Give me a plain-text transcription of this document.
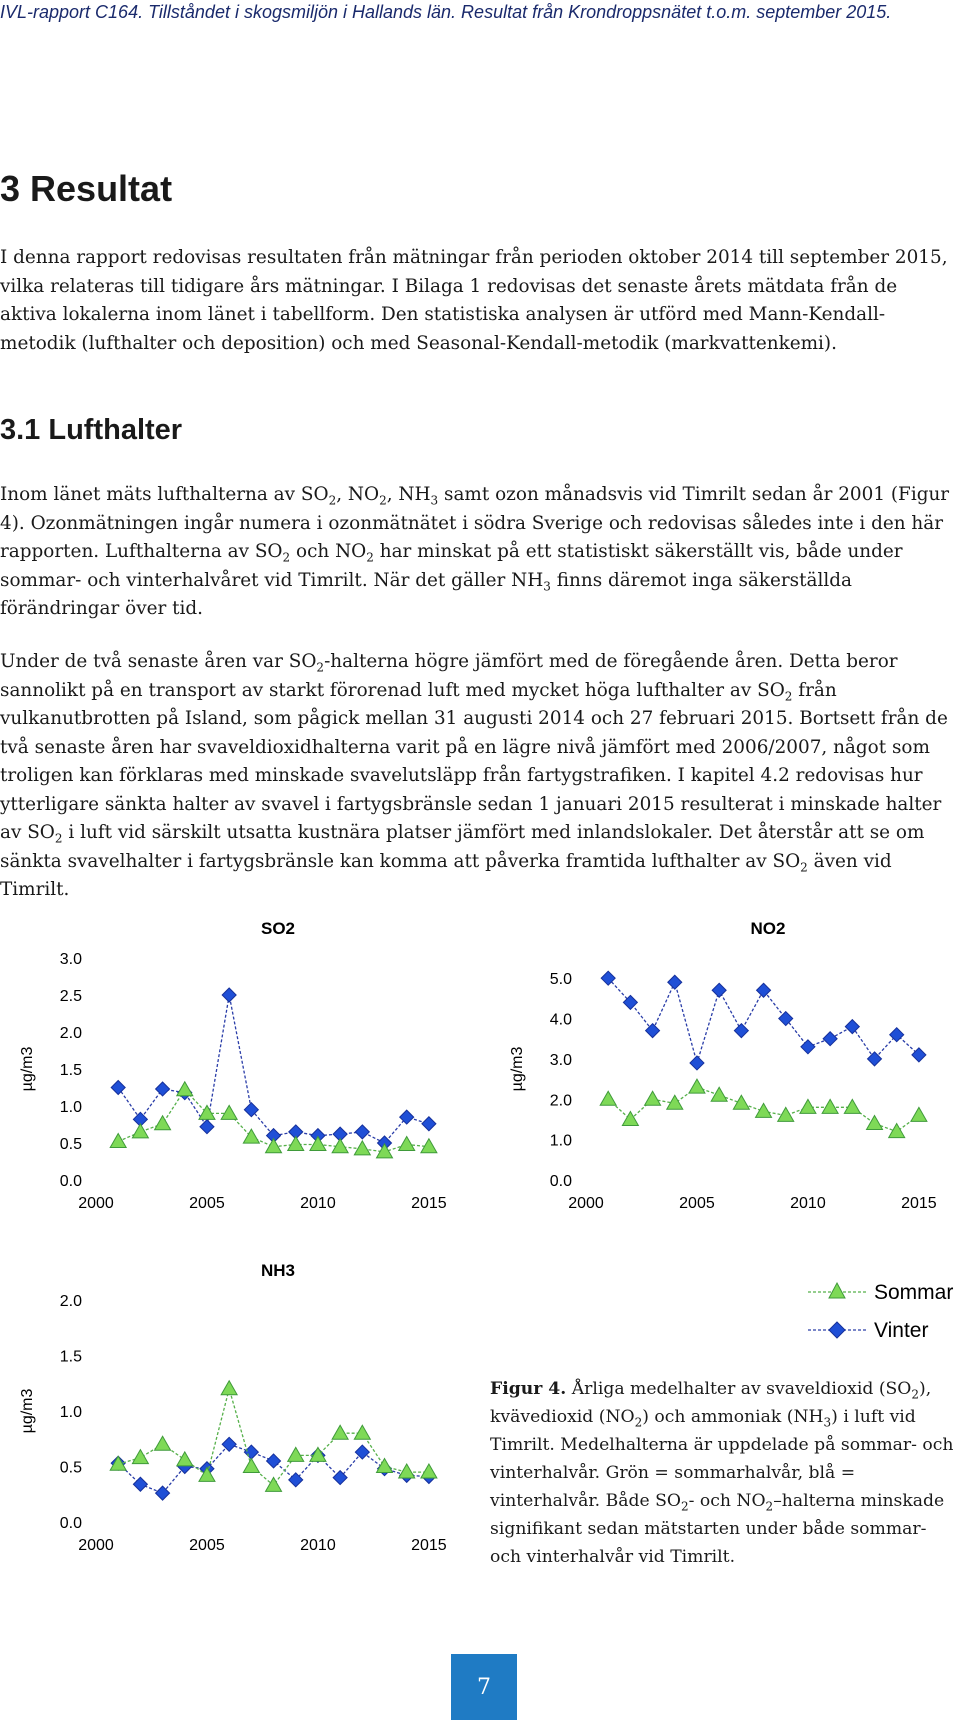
IVL-rapport C164. Tillståndet i skogsmiljön i Hallands län. Resultat från Krondroppsnätet t.o.m. september 2015.
3 Resultat

I denna rapport redovisas resultaten från mätningar från perioden oktober 2014 till september 2015, vilka relateras till tidigare års mätningar. I Bilaga 1 redovisas det senaste årets mätdata från de aktiva lokalerna inom länet i tabellform. Den statistiska analysen är utförd med Mann-Kendall-metodik (lufthalter och deposition) och med Seasonal-Kendall-metodik (markvattenkemi).

3.1 Lufthalter

Inom länet mäts lufthalterna av $SO_2$, $NO_2$, $NH_3$ samt ozon månadsvis vid Timrilt sedan år 2001 (Figur 4). Ozonmätningen ingår numera i ozonmätnätet i södra Sverige och redovisas således inte i den här rapporten. Lufthalterna av $SO_2$ och $NO_2$ har minskat på ett statistiskt säkerställt vis, både under sommar- och vinterhalvåret vid Timrilt. När det gäller $NH_3$ finns däremot inga säkerställda förändringar över tid.

Under de två senaste åren var $SO_2$-halterna högre jämfört med de föregående åren. Detta beror sannolikt på en transport av starkt förorenad luft med mycket höga lufthalter av $SO_2$ från vulkanutbrotten på Island, som pågick mellan 31 augusti 2014 och 27 februari 2015. Bortsett från de två senaste åren har svaveldioxidhalterna varit på en lägre nivå jämfört med 2006/2007, något som troligen kan förklaras med minskade svavelutsläpp från fartygstrafiken. I kapitel 4.2 redovisas hur ytterligare sänkta halter av svavel i fartygsbränsle sedan 1 januari 2015 resulterat i minskade halter av $SO_2$ i luft vid särskilt utsatta kustnära platser jämfört med inlandslokaler. Det återstår att se om sänkta svavelhalter i fartygsbränsle kan komma att påverka framtida lufthalter av $SO_2$ även vid Timrilt.

SO2
µg/m3
0.0
0.5
1.0
1.5
2.0
2.5
3.0
2000	2005	2010	2015
NO2
µg/m3
0.0
1.0
2.0
3.0
4.0
5.0
2000	2005	2010	2015
NH3
µg/m3
0.0
0.5
1.0
1.5
2.0
2000	2005	2010	2015
Sommar
Vinter
Figur 4. Årliga medelhalter av svaveldioxid $(SO_2)$, kvävedioxid $(NO_2)$ och ammoniak $(NH_3)$ i luft vid Timrilt. Medelhalterna är uppdelade på sommar- och vinterhalvår. Grön = sommarhalvår, blå = vinterhalvår. Både $SO_2-$ och $NO_2$–halterna minskade signifikant sedan mätstarten under både sommar- och vinterhalvår vid Timrilt.
7
